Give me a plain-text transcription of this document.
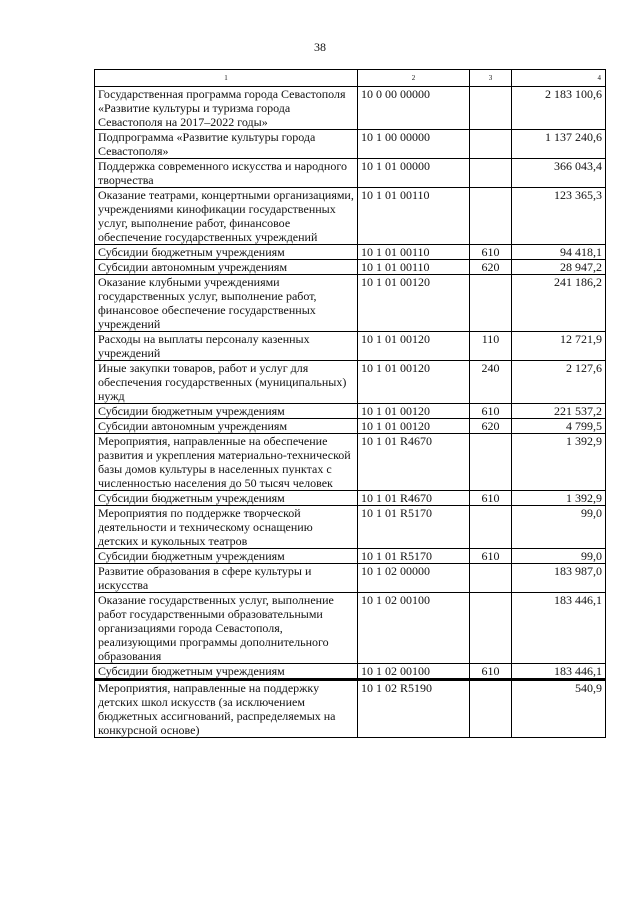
38
1	2	3	4
Государственная программа города Севастополя «Развитие культуры и туризма города Севастополя на 2017–2022 годы»	10 0 00 00000		2 183 100,6
Подпрограмма «Развитие культуры города Севастополя»	10 1 00 00000		1 137 240,6
Поддержка современного искусства и народного творчества	10 1 01 00000		366 043,4
Оказание театрами, концертными организациями, учреждениями кинофикации государственных услуг, выполнение работ, финансовое обеспечение государственных учреждений	10 1 01 00110		123 365,3
Субсидии бюджетным учреждениям	10 1 01 00110	610	94 418,1
Субсидии автономным учреждениям	10 1 01 00110	620	28 947,2
Оказание клубными учреждениями государственных услуг, выполнение работ, финансовое обеспечение государственных учреждений	10 1 01 00120		241 186,2
Расходы на выплаты персоналу казенных учреждений	10 1 01 00120	110	12 721,9
Иные закупки товаров, работ и услуг для обеспечения государственных (муниципальных) нужд	10 1 01 00120	240	2 127,6
Субсидии бюджетным учреждениям	10 1 01 00120	610	221 537,2
Субсидии автономным учреждениям	10 1 01 00120	620	4 799,5
Мероприятия, направленные на обеспечение развития и укрепления материально-технической базы домов культуры в населенных пунктах с численностью населения до 50 тысяч человек	10 1 01 R4670		1 392,9
Субсидии бюджетным учреждениям	10 1 01 R4670	610	1 392,9
Мероприятия по поддержке творческой деятельности и техническому оснащению детских и кукольных театров	10 1 01 R5170		99,0
Субсидии бюджетным учреждениям	10 1 01 R5170	610	99,0
Развитие образования в сфере культуры и искусства	10 1 02 00000		183 987,0
Оказание государственных услуг, выполнение работ государственными образовательными организациями города Севастополя, реализующими программы дополнительного образования	10 1 02 00100		183 446,1
Субсидии бюджетным учреждениям	10 1 02 00100	610	183 446,1
Мероприятия, направленные на поддержку детских школ искусств (за исключением бюджетных ассигнований, распределяемых на конкурсной основе)	10 1 02 R5190		540,9
